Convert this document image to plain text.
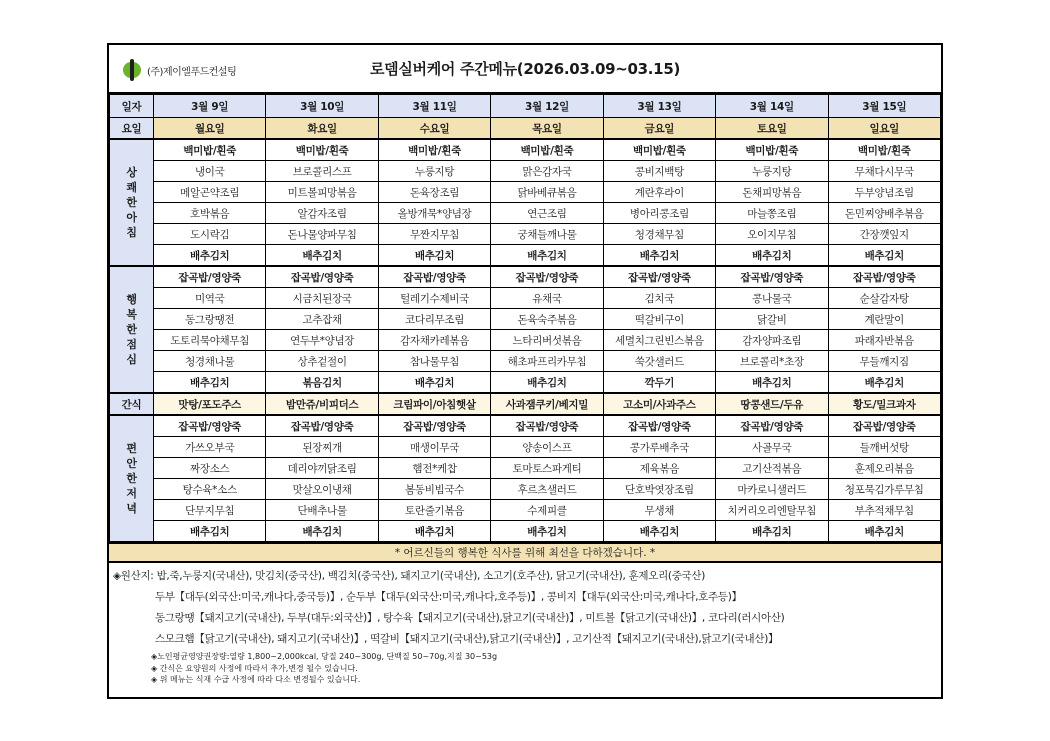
(주)제이엘푸드컨설팅	로뎀실버케어 주간메뉴(2026.03.09~03.15)
일자	3월 9일	3월 10일	3월 11일	3월 12일	3월 13일	3월 14일	3월 15일
요일	월요일	화요일	수요일	목요일	금요일	토요일	일요일
상
쾌
한
아
침	백미밥/흰죽	백미밥/흰죽	백미밥/흰죽	백미밥/흰죽	백미밥/흰죽	백미밥/흰죽	백미밥/흰죽
	냉이국	브로콜리스프	누룽지탕	맑은감자국	콩비지백탕	누룽지탕	무채다시무국
	메알곤약조림	미트볼피망볶음	돈육장조림	닭바베큐볶음	계란후라이	돈채피망볶음	두부양념조림
	호박볶음	알감자조림	올방개묵*양념장	연근조림	병아리콩조림	마늘쫑조림	돈민찌양배추볶음
	도시락김	돈나물양파무침	무짠지무침	궁채들깨나물	청경채무침	오이지무침	간장깻잎지
	배추김치	배추김치	배추김치	배추김치	배추김치	배추김치	배추김치
행
복
한
점
심	잡곡밥/영양죽	잡곡밥/영양죽	잡곡밥/영양죽	잡곡밥/영양죽	잡곡밥/영양죽	잡곡밥/영양죽	잡곡밥/영양죽
	미역국	시금치된장국	털레기수제비국	유채국	김치국	콩나물국	순살감자탕
	동그랑땡전	고추잡채	코다리무조림	돈육숙주볶음	떡갈비구이	닭갈비	계란말이
	도토리묵야채무침	연두부*양념장	감자채카레볶음	느타리버섯볶음	세멸치그린빈스볶음	감자양파조림	파래자반볶음
	청경채나물	상추겉절이	참나물무침	해초파프리카무침	쑥갓샐러드	브로콜리*초장	무들깨지짐
	배추김치	볶음김치	배추김치	배추김치	깍두기	배추김치	배추김치
간식	맛탕/포도주스	밤만쥬/비피더스	크림파이/아침햇살	사과잼쿠키/베지밀	고소미/사과주스	땅콩샌드/두유	황도/밀크과자
편
안
한
저
녁	잡곡밥/영양죽	잡곡밥/영양죽	잡곡밥/영양죽	잡곡밥/영양죽	잡곡밥/영양죽	잡곡밥/영양죽	잡곡밥/영양죽
	가쓰오부국	된장찌개	매생이무국	양송이스프	콩가루배추국	사골무국	들깨버섯탕
	짜장소스	데리야끼닭조림	햄전*케찹	토마토스파게티	제육볶음	고기산적볶음	훈제오리볶음
	탕수육*소스	맛살오이냉채	봄동비빔국수	후르츠샐러드	단호박엿장조림	마카로니샐러드	청포묵김가루무침
	단무지무침	단배추나물	토란줄기볶음	수제피클	무생채	치커리오리엔탈무침	부추적채무침
	배추김치	배추김치	배추김치	배추김치	배추김치	배추김치	배추김치
* 어르신들의 행복한 식사를 위해 최선을 다하겠습니다. *
◈원산지: 밥,죽,누룽지(국내산), 맛김치(중국산), 백김치(중국산), 돼지고기(국내산), 소고기(호주산), 닭고기(국내산), 훈제오리(중국산)
두부【대두(외국산:미국,캐나다,중국등)】, 순두부【대두(외국산:미국,캐나다,호주등)】, 콩비지【대두(외국산:미국,캐나다,호주등)】
동그랑땡【돼지고기(국내산), 두부(대두:외국산)】, 탕수육【돼지고기(국내산),닭고기(국내산)】, 미트볼【닭고기(국내산)】, 코다리(러시아산)
스모크햄【닭고기(국내산), 돼지고기(국내산)】, 떡갈비【돼지고기(국내산),닭고기(국내산)】, 고기산적【돼지고기(국내산),닭고기(국내산)】
◈노인평균영양권장량:열량 1,800~2,000kcal, 당질 240~300g, 단백질 50~70g,지질 30~53g
◈ 간식은 요양원의 사정에 따라서 추가,변경 될수 있습니다.
◈ 위 메뉴는 식재 수급 사정에 따라 다소 변경될수 있습니다.
